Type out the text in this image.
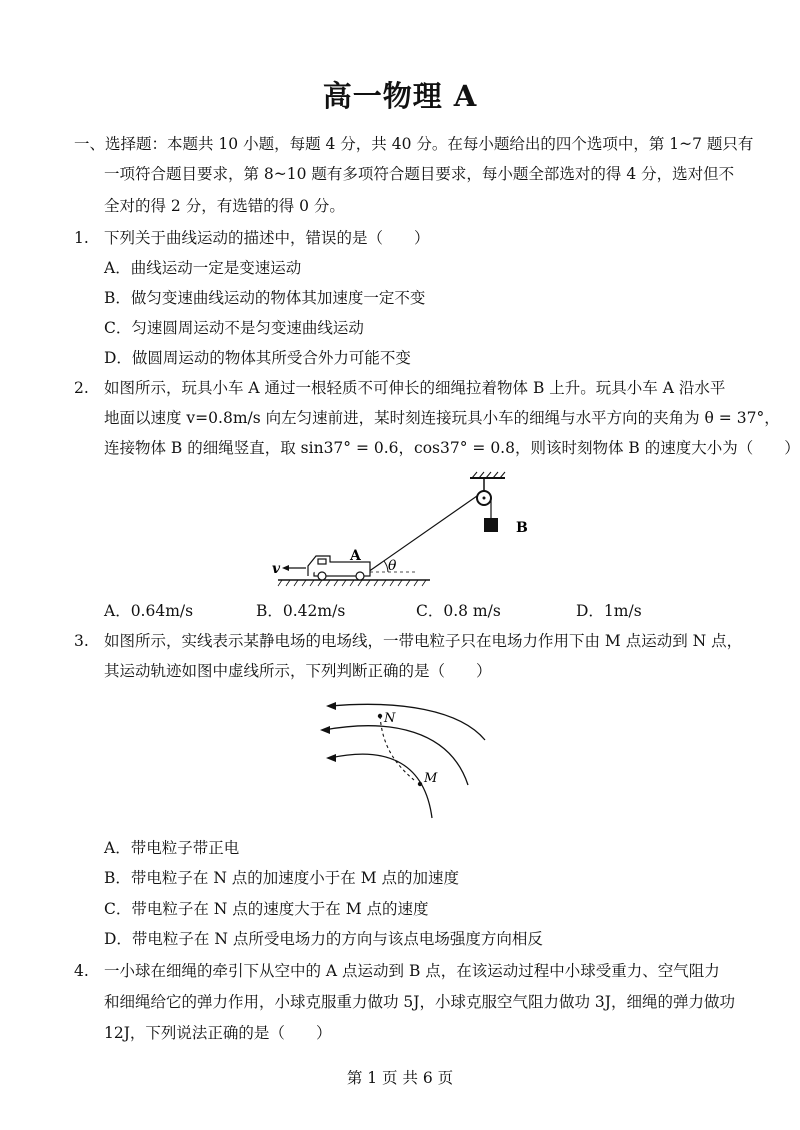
高一物理 A
一、选择题：本题共 10 小题，每题 4 分，共 40 分。在每小题给出的四个选项中，第 1~7 题只有
一项符合题目要求，第 8~10 题有多项符合题目要求，每小题全部选对的得 4 分，选对但不
全对的得 2 分，有选错的得 0 分。
1. 下列关于曲线运动的描述中，错误的是（　　）
A．曲线运动一定是变速运动
B．做匀变速曲线运动的物体其加速度一定不变
C．匀速圆周运动不是匀变速曲线运动
D．做圆周运动的物体其所受合外力可能不变
2. 如图所示，玩具小车 A 通过一根轻质不可伸长的细绳拉着物体 B 上升。玩具小车 A 沿水平
地面以速度 v=0.8m/s 向左匀速前进，某时刻连接玩具小车的细绳与水平方向的夹角为 θ = 37°，
连接物体 B 的细绳竖直，取 sin37° = 0.6，cos37° = 0.8，则该时刻物体 B 的速度大小为（　　）
B
A
v	θ
A．0.64m/s	B．0.42m/s	C．0.8 m/s	D．1m/s
3. 如图所示，实线表示某静电场的电场线，一带电粒子只在电场力作用下由 M 点运动到 N 点，
其运动轨迹如图中虚线所示，下列判断正确的是（　　）
N
M
A．带电粒子带正电
B．带电粒子在 N 点的加速度小于在 M 点的加速度
C．带电粒子在 N 点的速度大于在 M 点的速度
D．带电粒子在 N 点所受电场力的方向与该点电场强度方向相反
4. 一小球在细绳的牵引下从空中的 A 点运动到 B 点，在该运动过程中小球受重力、空气阻力
和细绳给它的弹力作用，小球克服重力做功 5J，小球克服空气阻力做功 3J，细绳的弹力做功
12J，下列说法正确的是（　　）
第 1 页 共 6 页
